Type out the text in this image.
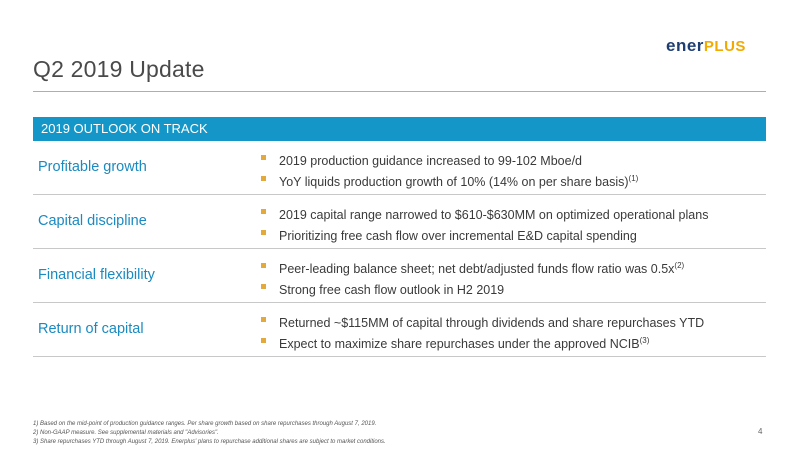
Q2 2019 Update
enerPLUS
2019 OUTLOOK ON TRACK
Profitable growth	2019 production guidance increased to 99-102 Mboe/d
YoY liquids production growth of 10% (14% on per share basis)$^{(1)}$
Capital discipline	2019 capital range narrowed to $610-$630MM on optimized operational plans
Prioritizing free cash flow over incremental E&D capital spending
Financial flexibility	Peer-leading balance sheet; net debt/adjusted funds flow ratio was $0.5x^{(2)}$
Strong free cash flow outlook in H2 2019
Return of capital	Returned ~$115MM of capital through dividends and share repurchases YTD
Expect to maximize share repurchases under the approved NCIB$^{(3)}$
1) Based on the mid-point of production guidance ranges. Per share growth based on share repurchases through August 7, 2019.
2) Non-GAAP measure. See supplemental materials and "Advisories".
3) Share repurchases YTD through August 7, 2019. Enerplus' plans to repurchase additional shares are subject to market conditions.
4
